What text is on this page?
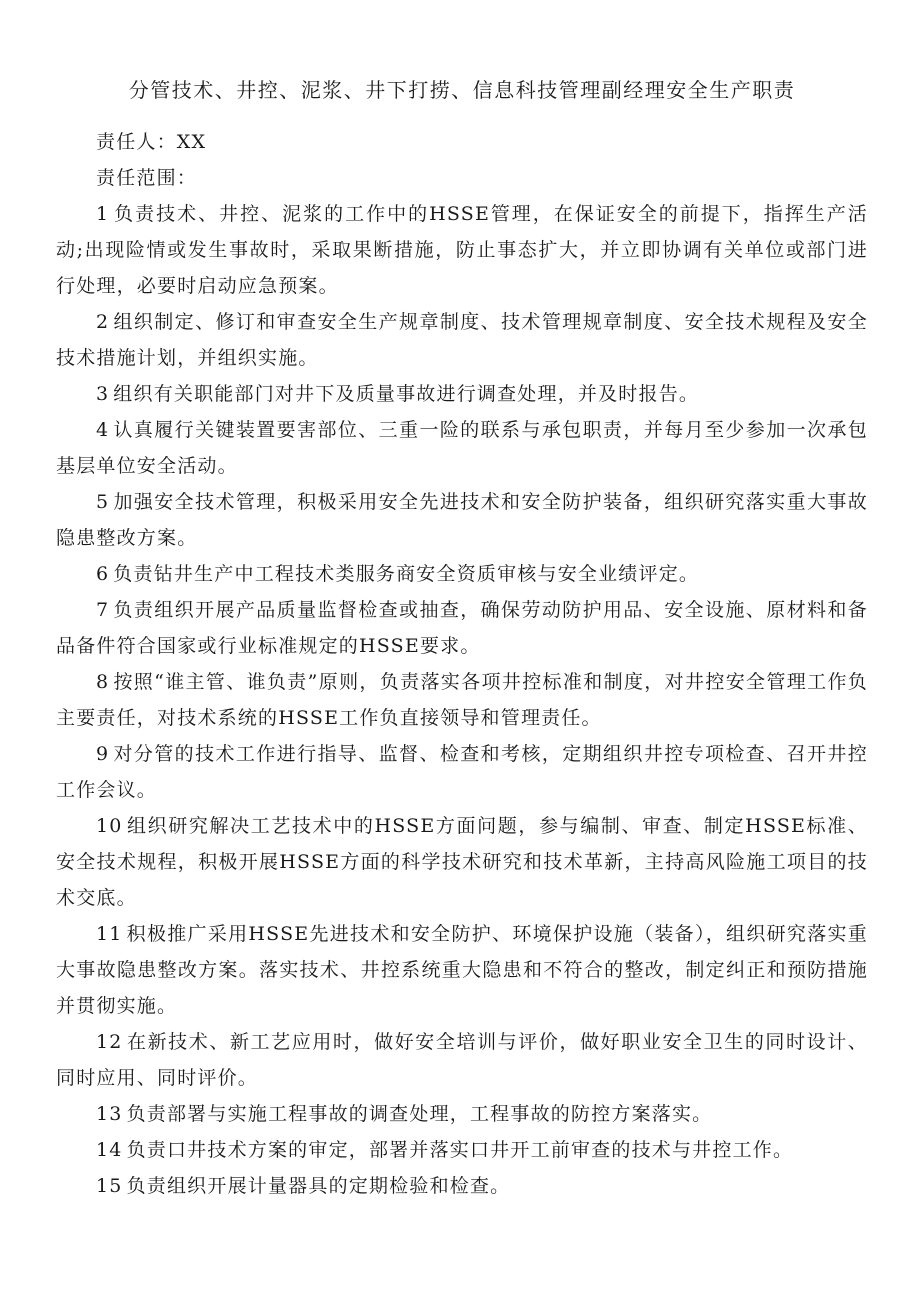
分管技术、井控、泥浆、井下打捞、信息科技管理副经理安全生产职责

责任人：XX

责任范围：

1 负责技术、井控、泥浆的工作中的HSSE管理，在保证安全的前提下，指挥生产活动;出现险情或发生事故时，采取果断措施，防止事态扩大，并立即协调有关单位或部门进行处理，必要时启动应急预案。

2 组织制定、修订和审查安全生产规章制度、技术管理规章制度、安全技术规程及安全技术措施计划，并组织实施。

3 组织有关职能部门对井下及质量事故进行调查处理，并及时报告。

4 认真履行关键装置要害部位、三重一险的联系与承包职责，并每月至少参加一次承包基层单位安全活动。

5 加强安全技术管理，积极采用安全先进技术和安全防护装备，组织研究落实重大事故隐患整改方案。

6 负责钻井生产中工程技术类服务商安全资质审核与安全业绩评定。

7 负责组织开展产品质量监督检查或抽查，确保劳动防护用品、安全设施、原材料和备品备件符合国家或行业标准规定的HSSE要求。

8 按照“谁主管、谁负责”原则，负责落实各项井控标准和制度，对井控安全管理工作负主要责任，对技术系统的HSSE工作负直接领导和管理责任。

9 对分管的技术工作进行指导、监督、检查和考核，定期组织井控专项检查、召开井控工作会议。

10 组织研究解决工艺技术中的HSSE方面问题，参与编制、审查、制定HSSE标准、安全技术规程，积极开展HSSE方面的科学技术研究和技术革新，主持高风险施工项目的技术交底。

11 积极推广采用HSSE先进技术和安全防护、环境保护设施（装备），组织研究落实重大事故隐患整改方案。落实技术、井控系统重大隐患和不符合的整改，制定纠正和预防措施并贯彻实施。

12 在新技术、新工艺应用时，做好安全培训与评价，做好职业安全卫生的同时设计、同时应用、同时评价。

13 负责部署与实施工程事故的调查处理，工程事故的防控方案落实。

14 负责口井技术方案的审定，部署并落实口井开工前审查的技术与井控工作。

15 负责组织开展计量器具的定期检验和检查。
